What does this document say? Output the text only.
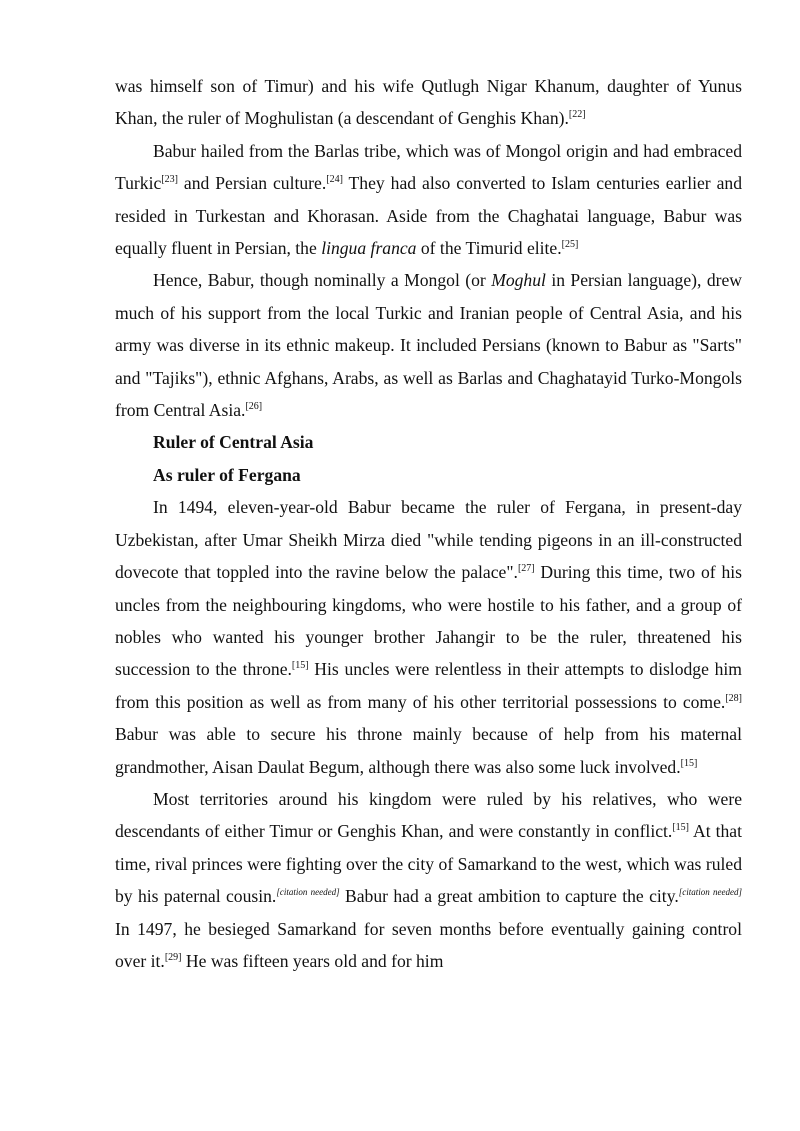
was himself son of Timur) and his wife Qutlugh Nigar Khanum, daughter of Yunus Khan, the ruler of Moghulistan (a descendant of Genghis Khan).[22]

Babur hailed from the Barlas tribe, which was of Mongol origin and had embraced Turkic[23] and Persian culture.[24] They had also converted to Islam centuries earlier and resided in Turkestan and Khorasan. Aside from the Chaghatai language, Babur was equally fluent in Persian, the lingua franca of the Timurid elite.[25]

Hence, Babur, though nominally a Mongol (or Moghul in Persian language), drew much of his support from the local Turkic and Iranian people of Central Asia, and his army was diverse in its ethnic makeup. It included Persians (known to Babur as "Sarts" and "Tajiks"), ethnic Afghans, Arabs, as well as Barlas and Chaghatayid Turko-Mongols from Central Asia.[26]

Ruler of Central Asia
As ruler of Fergana

In 1494, eleven-year-old Babur became the ruler of Fergana, in present-day Uzbekistan, after Umar Sheikh Mirza died "while tending pigeons in an ill-constructed dovecote that toppled into the ravine below the palace".[27] During this time, two of his uncles from the neighbouring kingdoms, who were hostile to his father, and a group of nobles who wanted his younger brother Jahangir to be the ruler, threatened his succession to the throne.[15] His uncles were relentless in their attempts to dislodge him from this position as well as from many of his other territorial possessions to come.[28] Babur was able to secure his throne mainly because of help from his maternal grandmother, Aisan Daulat Begum, although there was also some luck involved.[15]

Most territories around his kingdom were ruled by his relatives, who were descendants of either Timur or Genghis Khan, and were constantly in conflict.[15] At that time, rival princes were fighting over the city of Samarkand to the west, which was ruled by his paternal cousin.[citation needed] Babur had a great ambition to capture the city.[citation needed] In 1497, he besieged Samarkand for seven months before eventually gaining control over it.[29] He was fifteen years old and for him
